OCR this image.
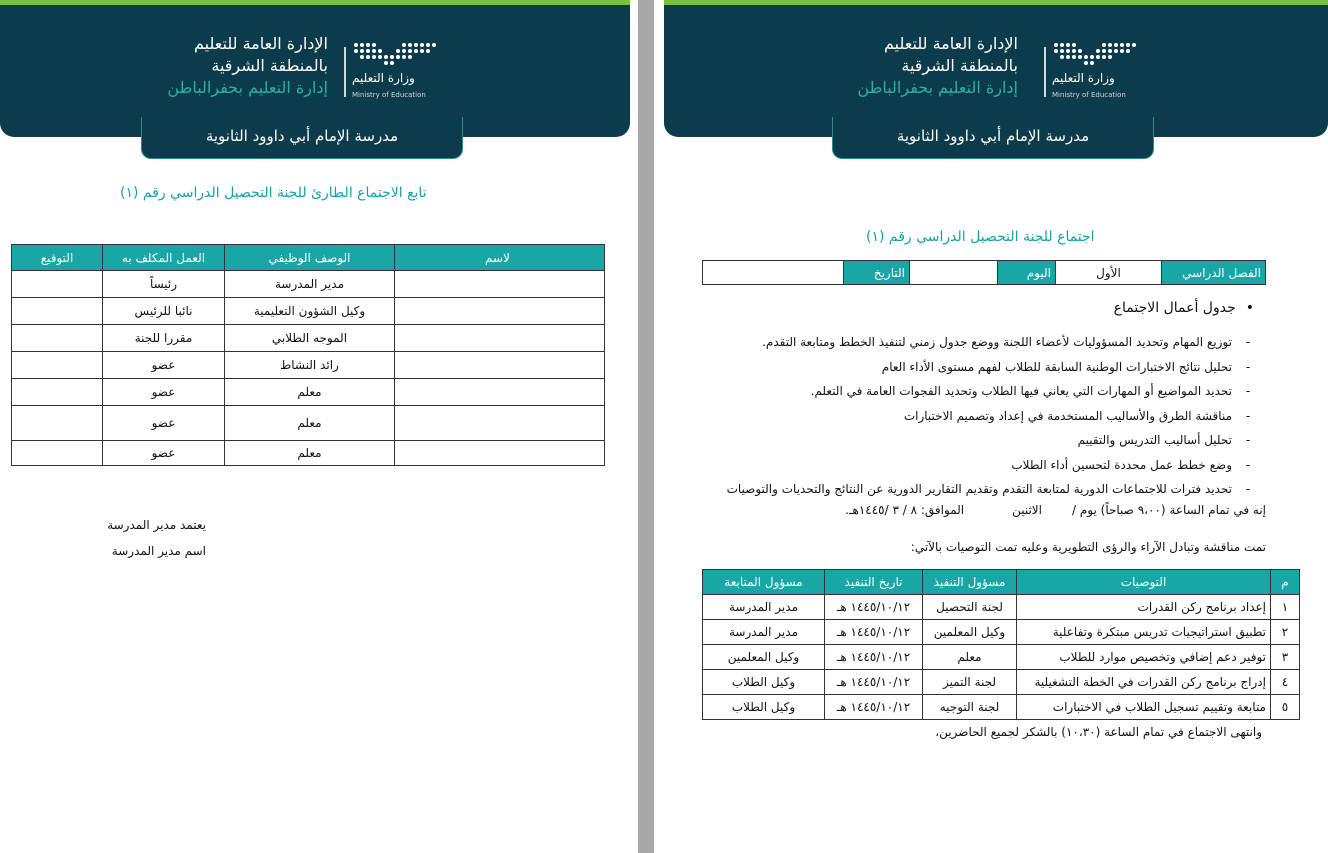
الإدارة العامة للتعليم
بالمنطقة الشرقية
إدارة التعليم بحفرالباطن وزارة التعليم
Ministry of Education
مدرسة الإمام أبي داوود الثانوية
تابع الاجتماع الطارئ للجنة التحصيل الدراسي رقم (١)
لاسم	الوصف الوظيفي	العمل المكلف به	التوقيع
	مدير المدرسة	رئيساً	
	وكيل الشؤون التعليمية	نائبا للرئيس	
	الموجه الطلابي	مقررا للجنة	
	رائد النشاط	عضو	
	معلم	عضو	
	معلم	عضو	
	معلم	عضو	
يعتمد مدير المدرسة
اسم مدير المدرسة
الإدارة العامة للتعليم
بالمنطقة الشرقية
إدارة التعليم بحفرالباطن	وزارة التعليم
Ministry of Education
مدرسة الإمام أبي داوود الثانوية
اجتماع للجنة التحصيل الدراسي رقم (١)
الفصل الدراسي	الأول	اليوم		التاريخ	
•جدول أعمال الاجتماع
-توزيع المهام وتحديد المسؤوليات لأعضاء اللجنة ووضع جدول زمني لتنفيذ الخطط ومتابعة التقدم.
-تحليل نتائج الاختبارات الوطنية السابقة للطلاب لفهم مستوى الأداء العام
-تحديد المواضيع أو المهارات التي يعاني فيها الطلاب وتحديد الفجوات العامة في التعلم.
-مناقشة الطرق والأساليب المستخدمة في إعداد وتصميم الاختبارات
-تحليل أساليب التدريس والتقييم
-وضع خطط عمل محددة لتحسين أداء الطلاب
-تحديد فترات للاجتماعات الدورية لمتابعة التقدم وتقديم التقارير الدورية عن النتائج والتحديات والتوصيات
إنه في تمام الساعة (٩،٠٠ صباحاً) يوم /الاثنينالموافق: ٨ / ٣ /١٤٤٥هـ.
تمت مناقشة وتبادل الآراء والرؤى التطويرية وعليه تمت التوصيات بالآتي:
م	التوصيات	مسؤول التنفيذ	تاريخ التنفيذ	مسؤول المتابعة
١	إعداد برنامج ركن القدرات	لجنة التحصيل	١٤٤٥/١٠/١٢ هـ	مدير المدرسة
٢	تطبيق استراتيجيات تدريس مبتكرة وتفاعلية	وكيل المعلمين	١٤٤٥/١٠/١٢ هـ	مدير المدرسة
٣	توفير دعم إضافي وتخصيص موارد للطلاب	معلم	١٤٤٥/١٠/١٢ هـ	وكيل المعلمين
٤	إدراج برنامج ركن القدرات في الخطة التشغيلية	لجنة التميز	١٤٤٥/١٠/١٢ هـ	وكيل الطلاب
٥	متابعة وتقييم تسجيل الطلاب في الاختبارات	لجنة التوجيه	١٤٤٥/١٠/١٢ هـ	وكيل الطلاب
وانتهى الاجتماع في تمام الساعة (١٠،٣٠) بالشكر لجميع الحاضرين،
